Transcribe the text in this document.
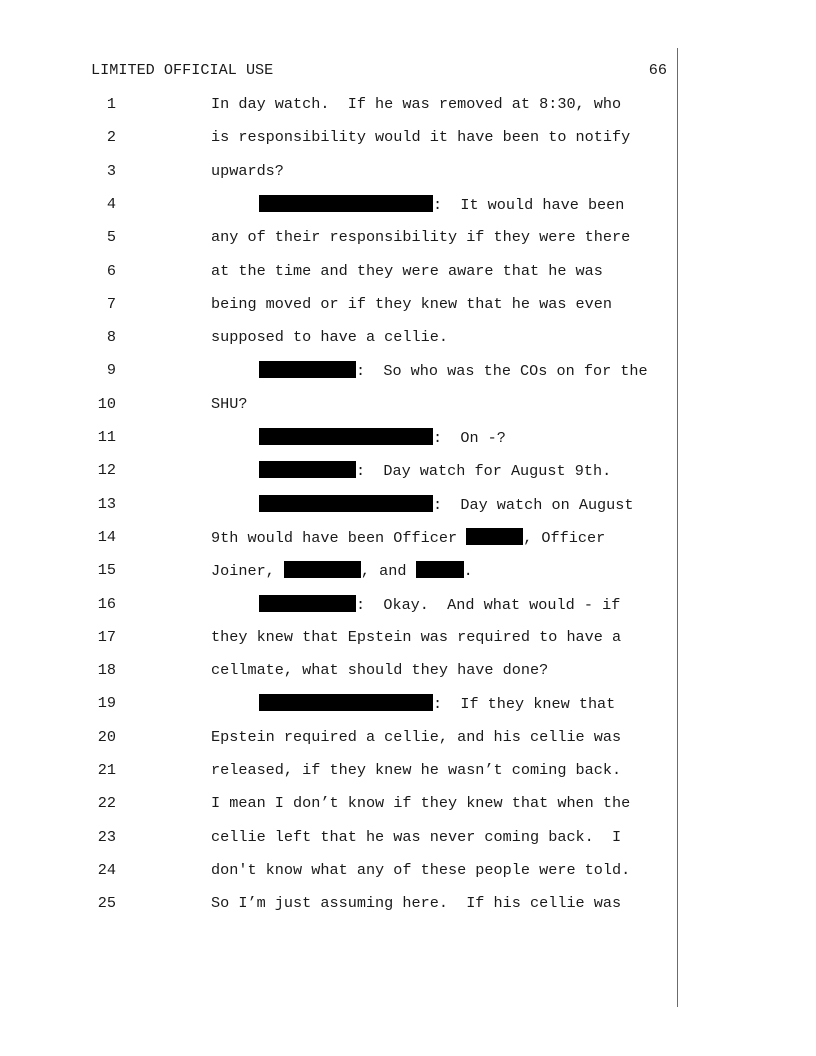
LIMITED OFFICIAL USE	66
1	In day watch.  If he was removed at 8:30, who
2	is responsibility would it have been to notify
3	upwards?
4	:  It would have been
5	any of their responsibility if they were there
6	at the time and they were aware that he was
7	being moved or if they knew that he was even
8	supposed to have a cellie.
9	:  So who was the COs on for the
10	SHU?
11	:  On -?
12	:  Day watch for August 9th.
13	:  Day watch on August
14	9th would have been Officer	, Officer
15	Joiner,	, and	.
16	:  Okay.  And what would - if
17	they knew that Epstein was required to have a
18	cellmate, what should they have done?
19	:  If they knew that
20	Epstein required a cellie, and his cellie was
21	released, if they knew he wasn’t coming back.
22	I mean I don’t know if they knew that when the
23	cellie left that he was never coming back.  I
24	don't know what any of these people were told.
25	So I’m just assuming here.  If his cellie was
